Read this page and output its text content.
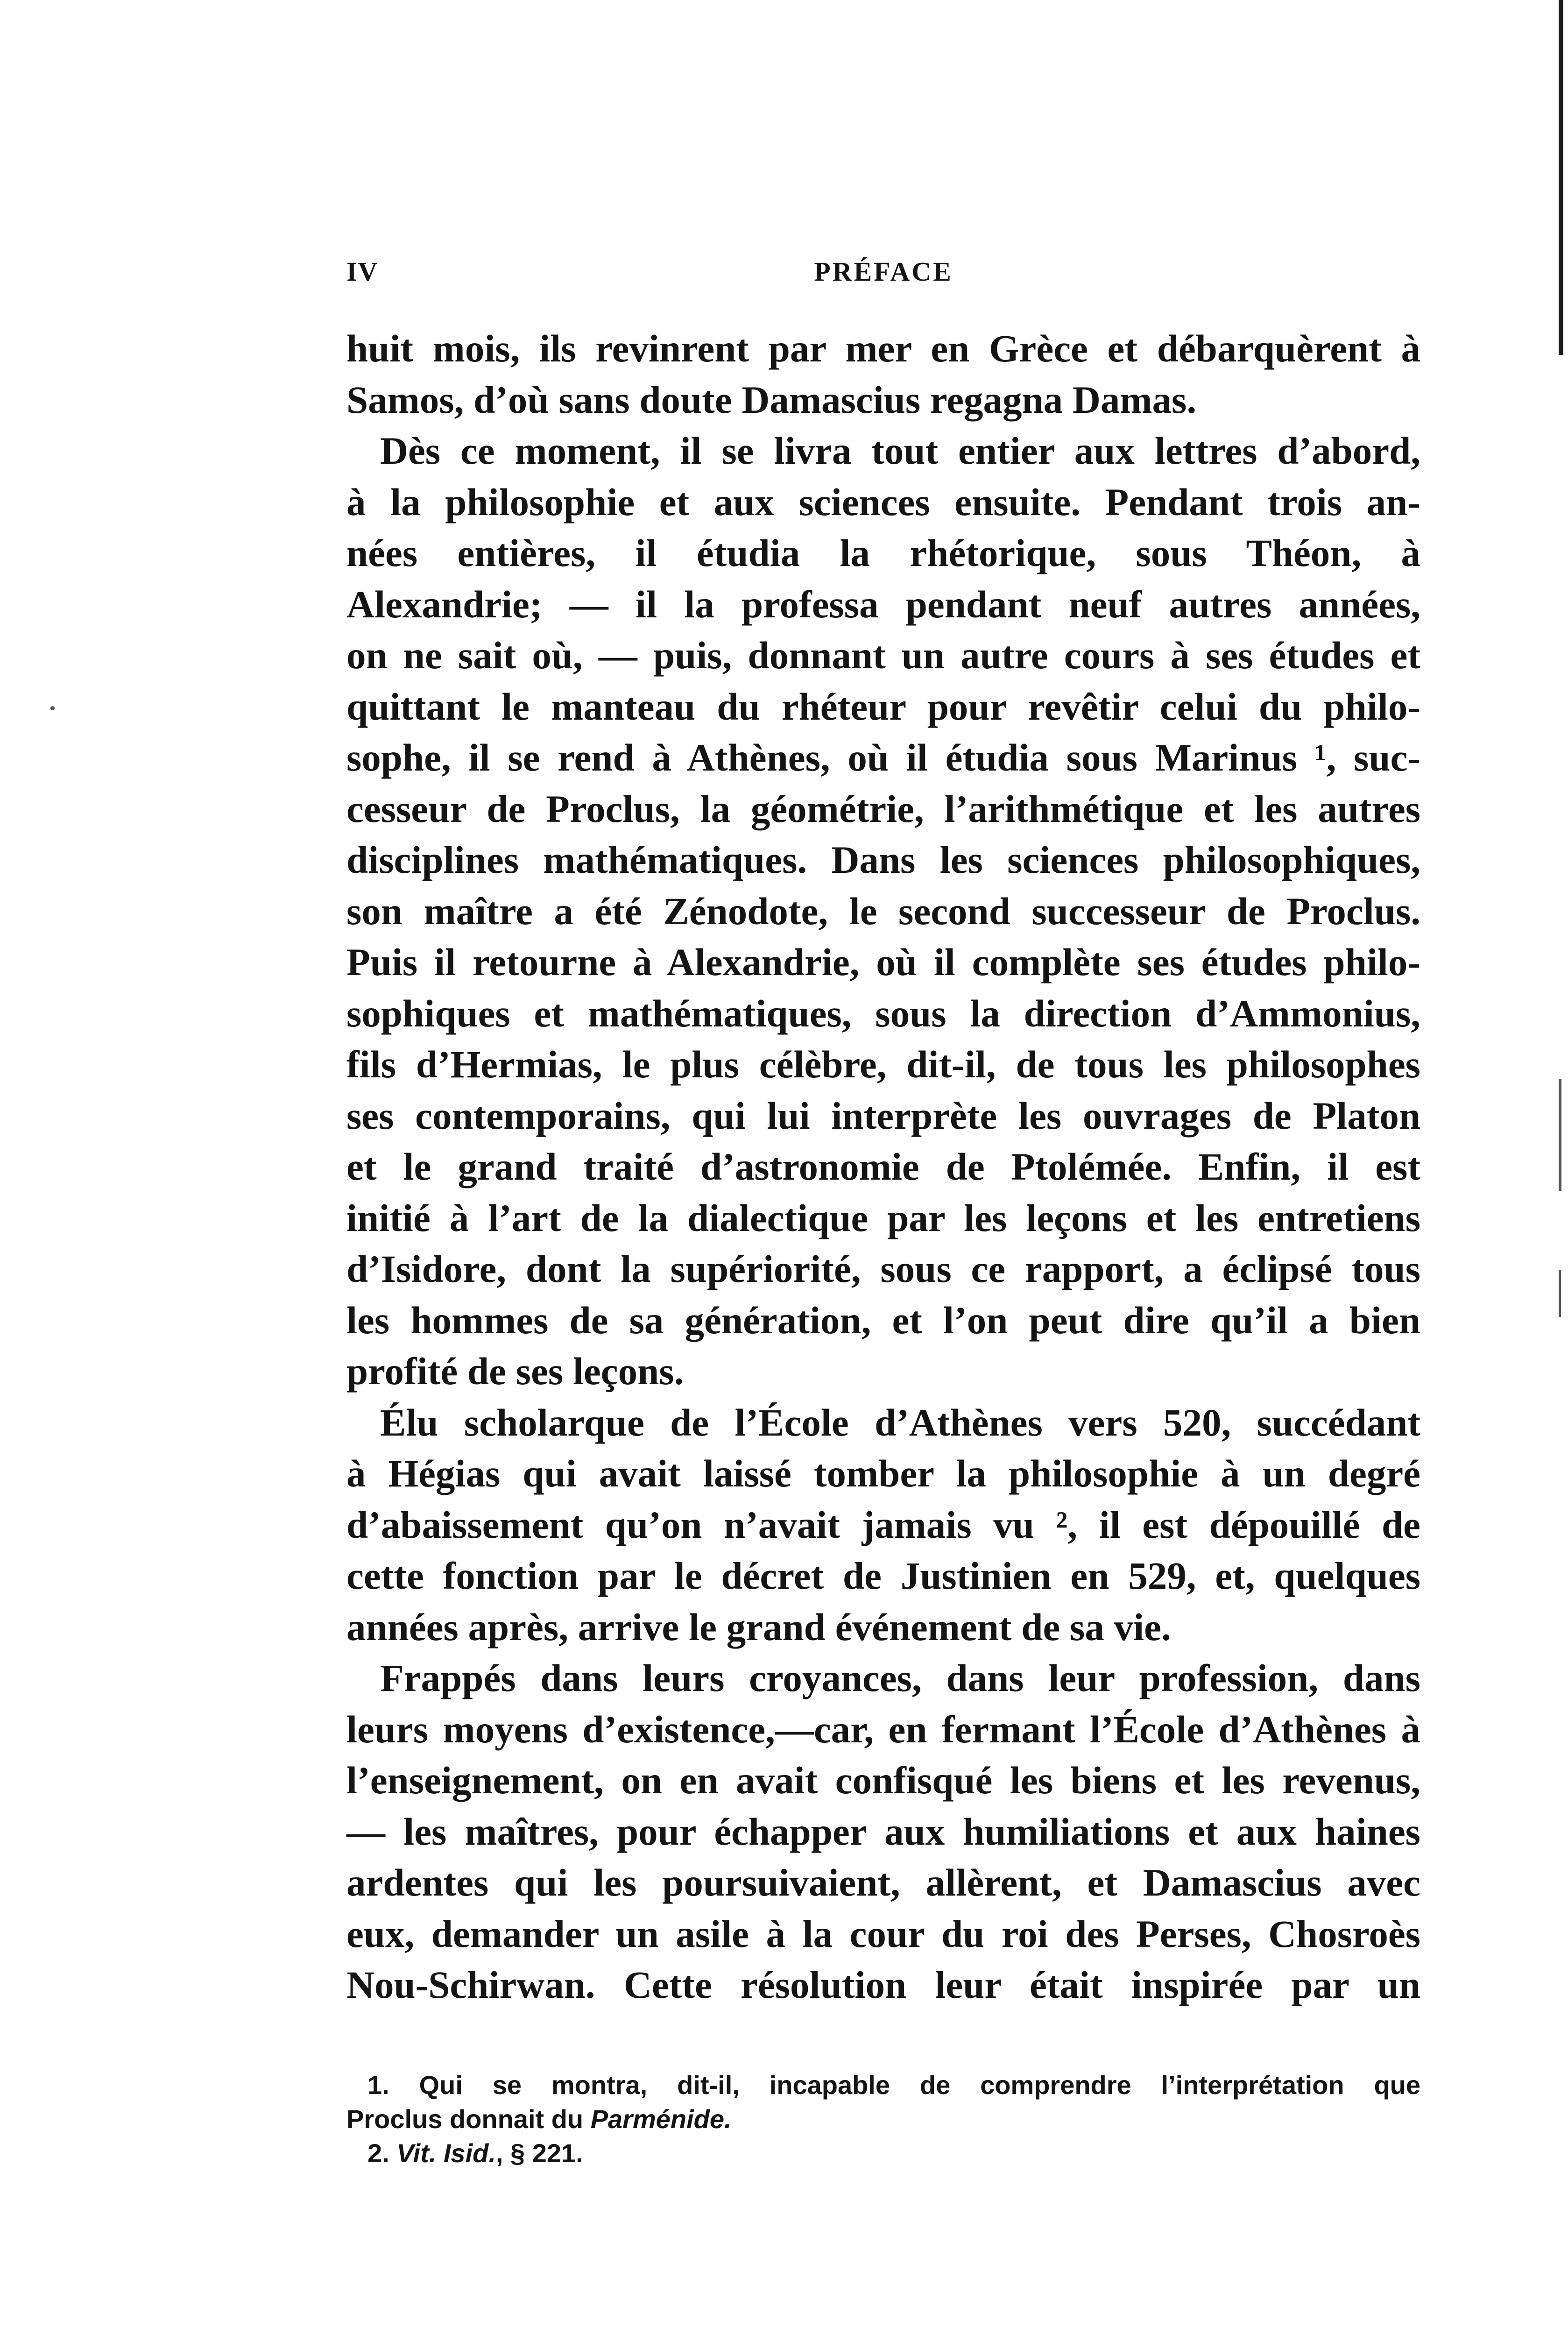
IV	PRÉFACE
huit mois, ils revinrent par mer en Grèce et débarquèrent à
Samos, d’où sans doute Damascius regagna Damas.
Dès ce moment, il se livra tout entier aux lettres d’abord,
à la philosophie et aux sciences ensuite. Pendant trois an-
nées entières, il étudia la rhétorique, sous Théon, à
Alexandrie; — il la professa pendant neuf autres années,
on ne sait où, — puis, donnant un autre cours à ses études et
quittant le manteau du rhéteur pour revêtir celui du philo-
sophe, il se rend à Athènes, où il étudia sous Marinus ¹, suc-
cesseur de Proclus, la géométrie, l’arithmétique et les autres
disciplines mathématiques. Dans les sciences philosophiques,
son maître a été Zénodote, le second successeur de Proclus.
Puis il retourne à Alexandrie, où il complète ses études philo-
sophiques et mathématiques, sous la direction d’Ammonius,
fils d’Hermias, le plus célèbre, dit-il, de tous les philosophes
ses contemporains, qui lui interprète les ouvrages de Platon
et le grand traité d’astronomie de Ptolémée. Enfin, il est
initié à l’art de la dialectique par les leçons et les entretiens
d’Isidore, dont la supériorité, sous ce rapport, a éclipsé tous
les hommes de sa génération, et l’on peut dire qu’il a bien
profité de ses leçons.
Élu scholarque de l’École d’Athènes vers 520, succédant
à Hégias qui avait laissé tomber la philosophie à un degré
d’abaissement qu’on n’avait jamais vu ², il est dépouillé de
cette fonction par le décret de Justinien en 529, et, quelques
années après, arrive le grand événement de sa vie.
Frappés dans leurs croyances, dans leur profession, dans
leurs moyens d’existence,—car, en fermant l’École d’Athènes à
l’enseignement, on en avait confisqué les biens et les revenus,
— les maîtres, pour échapper aux humiliations et aux haines
ardentes qui les poursuivaient, allèrent, et Damascius avec
eux, demander un asile à la cour du roi des Perses, Chosroès
Nou-Schirwan. Cette résolution leur était inspirée par un
1. Qui se montra, dit-il, incapable de comprendre l’interprétation que
Proclus donnait du Parménide.
2. Vit. Isid., § 221.
